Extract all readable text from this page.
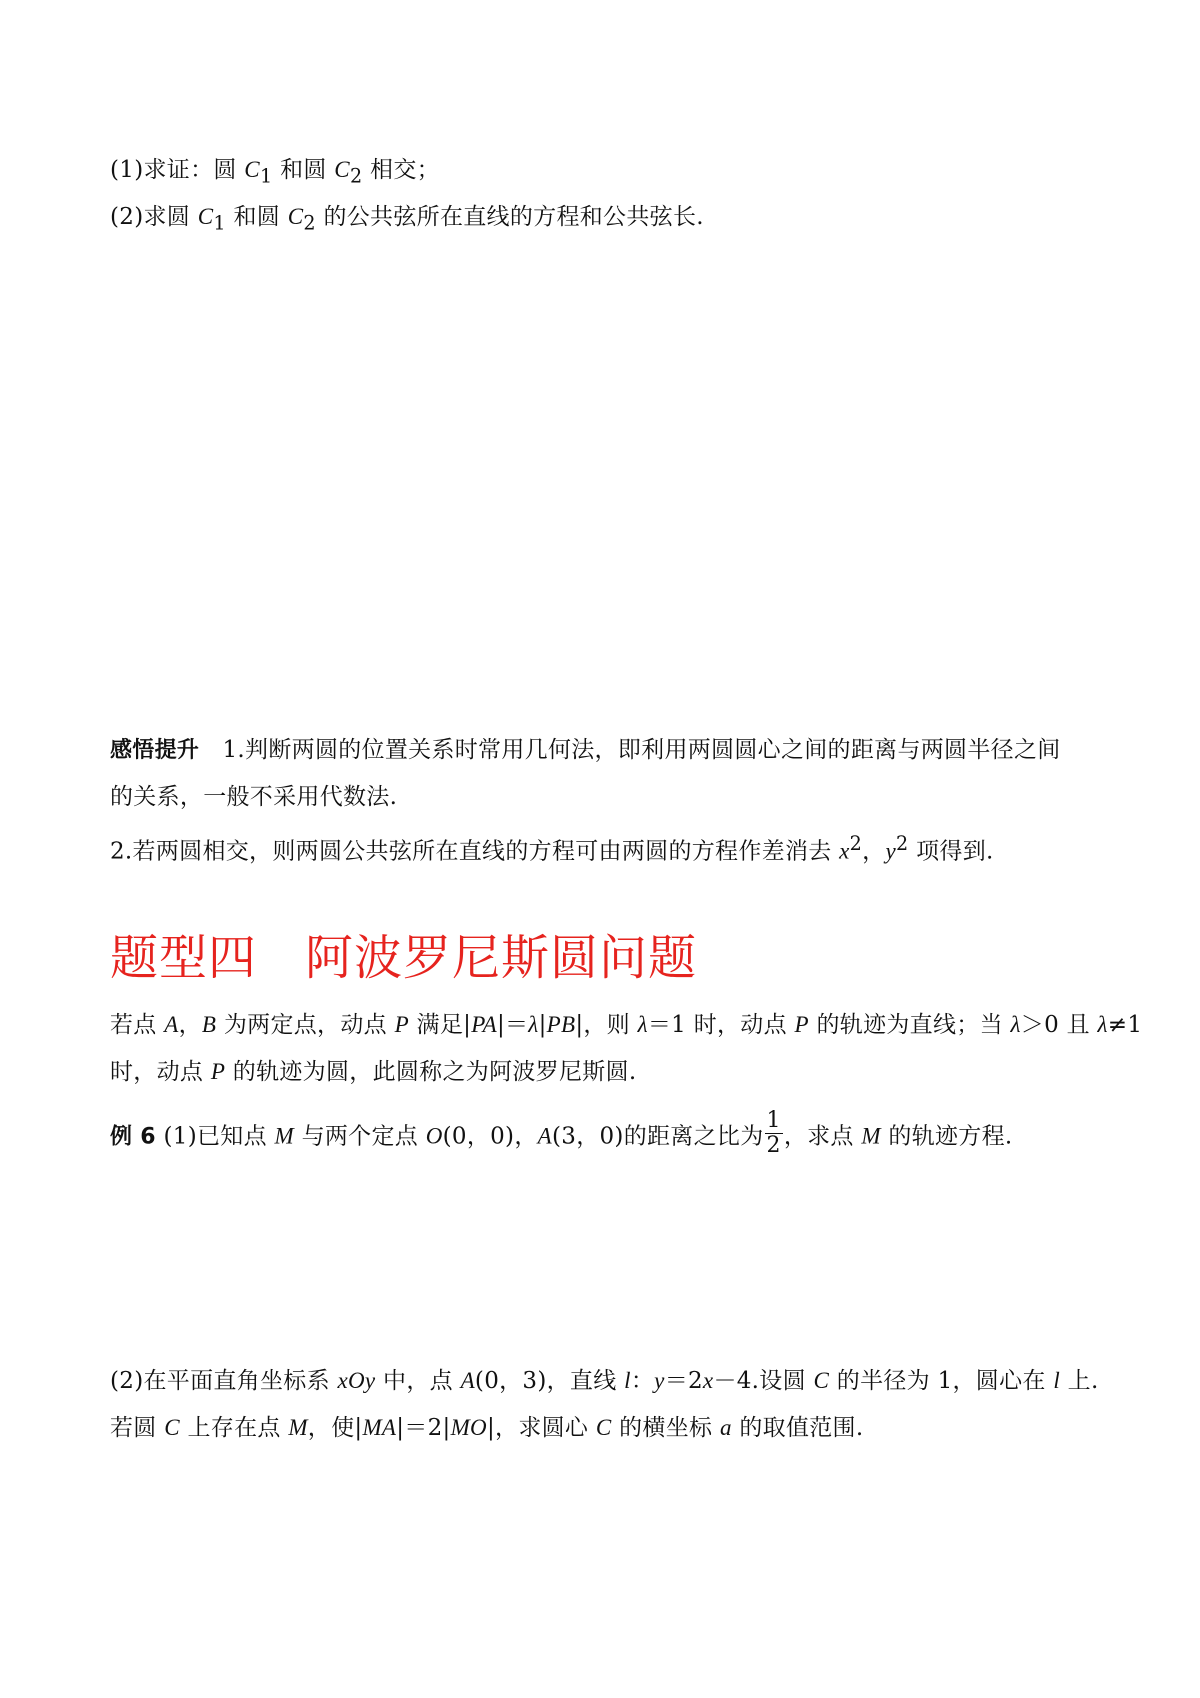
(1)求证：圆 $C_1$ 和圆 $C_2$ 相交；
(2)求圆 $C_1$ 和圆 $C_2$ 的公共弦所在直线的方程和公共弦长.
感悟提升　1.判断两圆的位置关系时常用几何法，即利用两圆圆心之间的距离与两圆半径之间
的关系，一般不采用代数法.
2.若两圆相交，则两圆公共弦所在直线的方程可由两圆的方程作差消去 $x^2$，$y^2$ 项得到.
题型四 阿波罗尼斯圆问题
若点 A，B 为两定点，动点 P 满足|PA|＝λ|PB|，则 λ＝1 时，动点 P 的轨迹为直线；当 λ＞0 且 λ≠1
时，动点 P 的轨迹为圆，此圆称之为阿波罗尼斯圆.
例 6 (1)已知点 M 与两个定点 O(0，0)，A(3，0)的距离之比为 $\frac{1}{2}$ ，求点 M 的轨迹方程.
(2)在平面直角坐标系 xOy 中，点 A(0，3)，直线 l：y＝2x－4.设圆 C 的半径为 1，圆心在 l 上.
若圆 C 上存在点 M，使|MA|＝2|MO|，求圆心 C 的横坐标 a 的取值范围.
